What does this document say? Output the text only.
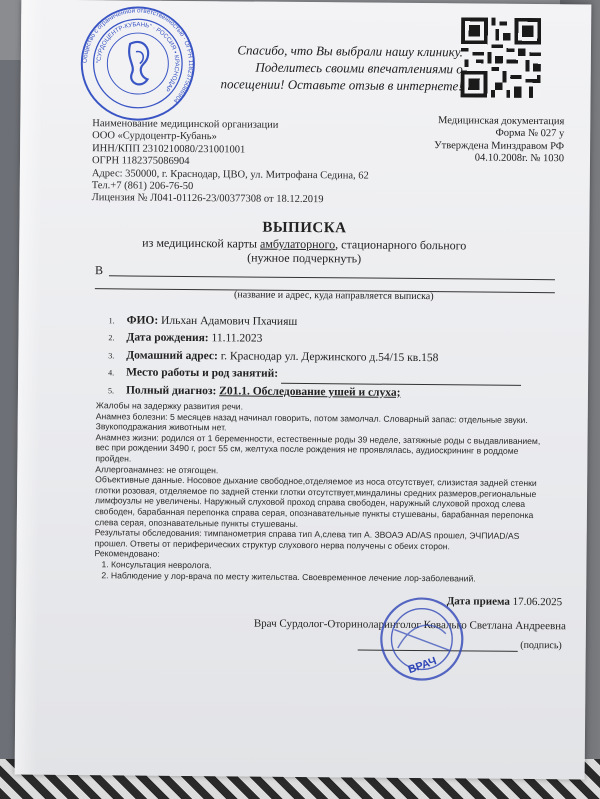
Общество с ограниченной ответственностью · ОГРН 1182375086904
"СУРДОЦЕНТР-КУБАНЬ" · РОССИЯ • КРАСНОДАР
Спасибо, что Вы выбрали нашу клинику.
Поделитесь своими впечатлениями о
посещении! Оставьте отзыв в интернете!
Наименование медицинской организации
ООО «Сурдоцентр-Кубань»
ИНН/КПП 2310210080/231001001
ОГРН 1182375086904
Адрес: 350000, г. Краснодар, ЦВО, ул. Митрофана Седина, 62
Тел.+7 (861) 206-76-50
Лицензия № Л041-01126-23/00377308 от 18.12.2019
Медицинская документация
Форма № 027 у
Утверждена Минздравом РФ
04.10.2008г. № 1030
ВЫПИСКА
из медицинской карты амбулаторного, стационарного больного
(нужное подчеркнуть)
В
(название и адрес, куда направляется выписка)
1. ФИО: Ильхан Адамович Пхачияш
2. Дата рождения: 11.11.2023
3. Домашний адрес: г. Краснодар ул. Держинского д.54/15 кв.158
4. Место работы и род занятий:
5. Полный диагноз: Z01.1. Обследование ушей и слуха;

Жалобы на задержку развития речи.

Анамнез болезни: 5 месяцев назад начинал говорить, потом замолчал. Словарный запас: отдельные звуки.

Звукоподражания животным нет.

Анамнез жизни: родился от 1 беременности, естественные роды 39 неделе, затяжные роды с выдавливанием,

вес при рождении 3490 г, рост 55 см, желтуха после рождения не проявлялась, аудиоскрининг в роддоме

пройден.

Аллергоанамнез: не отягощен.

Объективные данные. Носовое дыхание свободное,отделяемое из носа отсутствует, слизистая задней стенки

глотки розовая, отделяемое по задней стенки глотки отсутствует,миндалины средних размеров,регионaльные

лимфоузлы не увеличены. Наружный слуховой проход справа свободен, наружный слуховой проход слева

свободен, барабанная перепонка справа серая, опознавательные пункты стушеваны, барабанная перепонка

слева серая, опознавательные пункты стушеваны.

Результаты обследования: тимпанометрия справа тип А,слева тип А. ЗВОАЭ AD/AS прошел, ЭЧПИАD/AS

прошел. Ответы от периферических структур слухового нерва получены с обеих сторон.

Рекомендовано:

1. Консультация невролога.

2. Наблюдение у лор-врача по месту жительства. Своевременное лечение лор-заболеваний.

Дата приема 17.06.2025
Врач Сурдолог-Оториноларинголог Ковалько Светлана Андреевна
(подпись)
ВРАЧ
